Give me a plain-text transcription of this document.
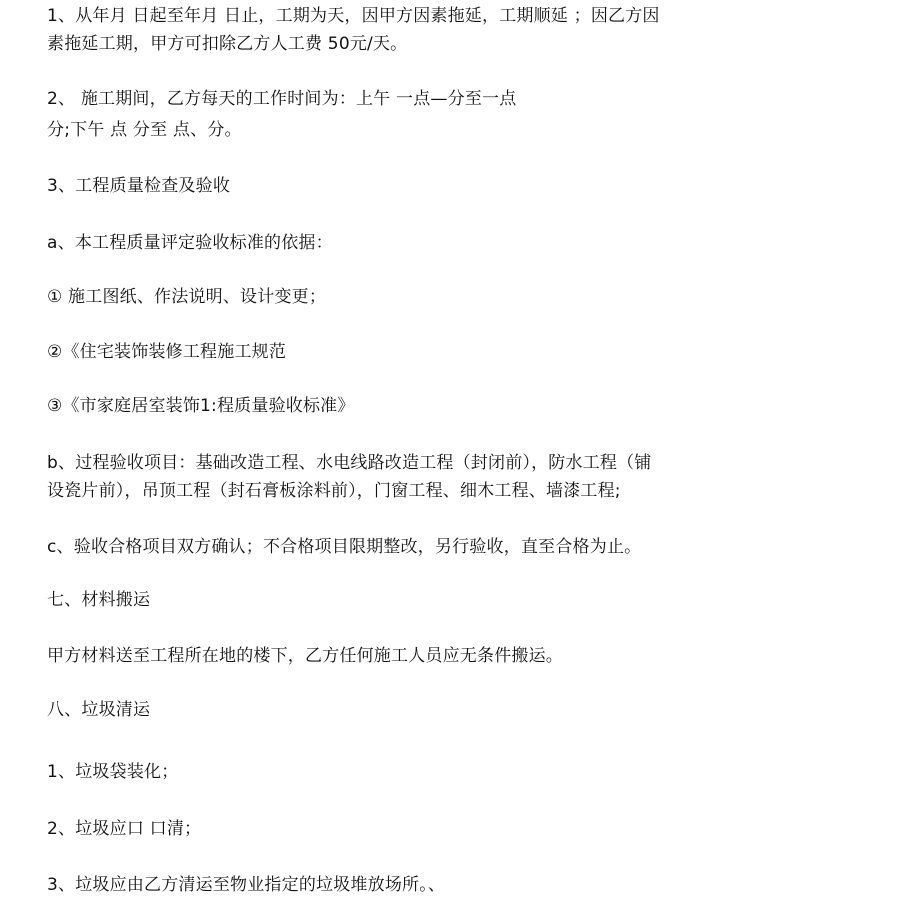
1、从年月 日起至年月 日止，工期为天，因甲方因素拖延，工期顺延 ；因乙方因
素拖延工期，甲方可扣除乙方人工费 50元/天。
2、 施工期间，乙方每天的工作时间为：上午 一点—分至一点
分;下午 点 分至 点、分。
3、工程质量检查及验收
a、本工程质量评定验收标准的依据：
① 施工图纸、作法说明、设计变更；
②《住宅装饰装修工程施工规范
③《市家庭居室装饰1:程质量验收标准》
b、过程验收项目：基础改造工程、水电线路改造工程（封闭前），防水工程（铺
设瓷片前），吊顶工程（封石膏板涂料前），门窗工程、细木工程、墙漆工程;
c、验收合格项目双方确认；不合格项目限期整改，另行验收，直至合格为止。
七、材料搬运
甲方材料送至工程所在地的楼下，乙方任何施工人员应无条件搬运。
八、垃圾清运
1、垃圾袋装化；
2、垃圾应口 口清；
3、垃圾应由乙方清运至物业指定的垃圾堆放场所。、
